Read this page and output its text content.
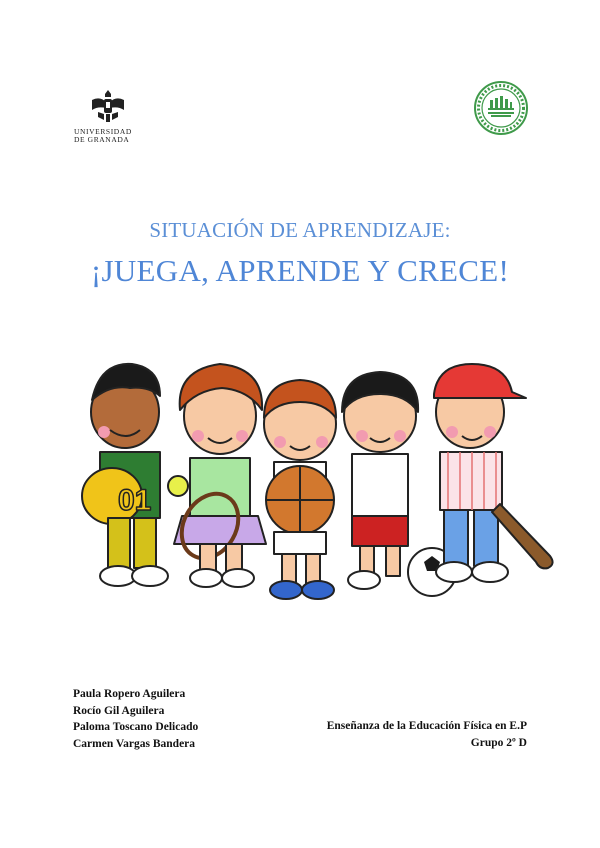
UNIVERSIDAD
DE GRANADA
SITUACIÓN DE APRENDIZAJE:
¡JUEGA, APRENDE Y CRECE!
01
Paula Ropero Aguilera
Rocío Gil Aguilera
Paloma Toscano Delicado
Carmen Vargas Bandera
Enseñanza de la Educación Física en E.P
Grupo 2º D
